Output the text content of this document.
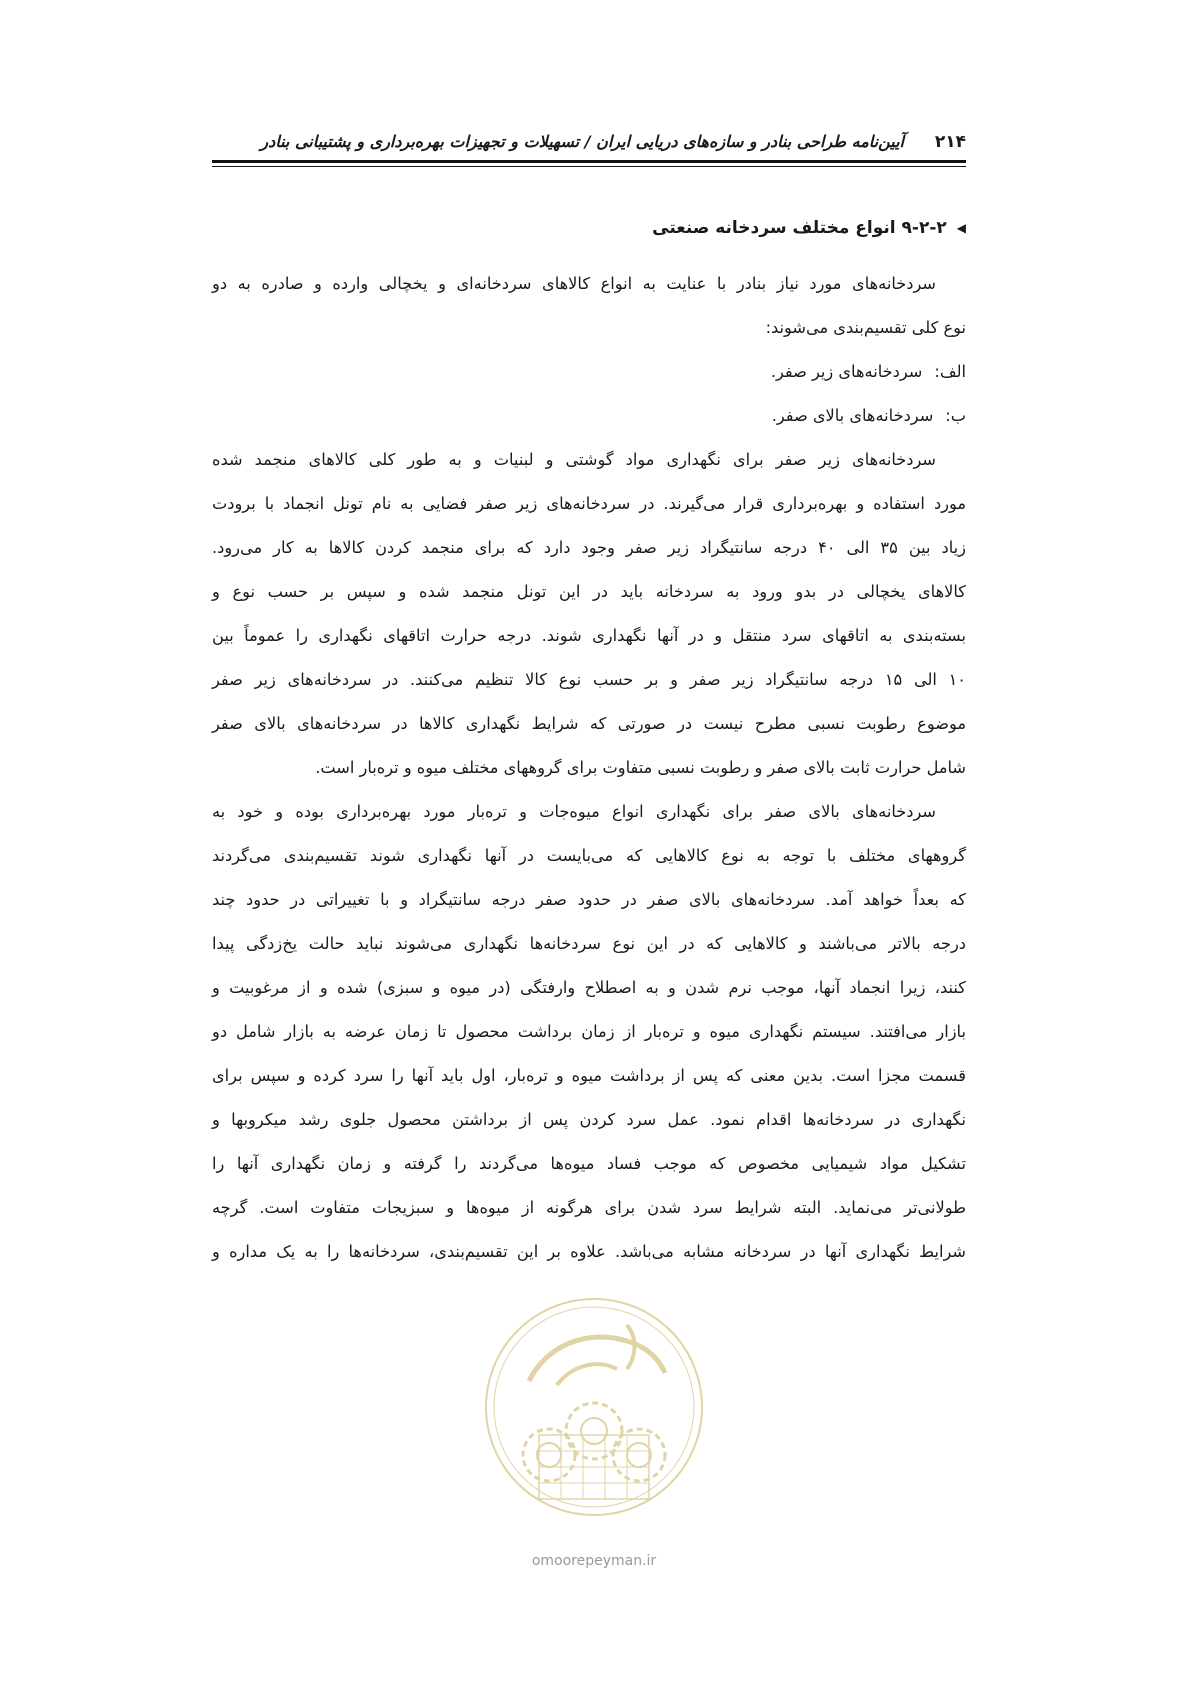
۲۱۴
آیین‌نامه طراحی بنادر و سازه‌های دریایی ایران / تسهیلات و تجهیزات بهره‌برداری و پشتیبانی بنادر
◀۹-۲-۲ انواع مختلف سردخانه صنعتی
سردخانه‌های مورد نیاز بنادر با عنایت به انواع کالاهای سردخانه‌ای و یخچالی وارده و صادره به دو
نوع کلی تقسیم‌بندی می‌شوند:
الف:سردخانه‌های زیر صفر.
ب:سردخانه‌های بالای صفر.
سردخانه‌های زیر صفر برای نگهداری مواد گوشتی و لبنیات و به طور کلی کالاهای منجمد شده
مورد استفاده و بهره‌برداری قرار می‌گیرند. در سردخانه‌های زیر صفر فضایی به نام تونل انجماد با برودت
زیاد بین ۳۵ الی ۴۰ درجه سانتیگراد زیر صفر وجود دارد که برای منجمد کردن کالاها به کار می‌رود.
کالاهای یخچالی در بدو ورود به سردخانه باید در این تونل منجمد شده و سپس بر حسب نوع و
بسته‌بندی به اتاقهای سرد منتقل و در آنها نگهداری شوند. درجه حرارت اتاقهای نگهداری را عموماً بین
۱۰ الی ۱۵ درجه سانتیگراد زیر صفر و بر حسب نوع کالا تنظیم می‌کنند. در سردخانه‌های زیر صفر
موضوع رطوبت نسبی مطرح نیست در صورتی که شرایط نگهداری کالاها در سردخانه‌های بالای صفر
شامل حرارت ثابت بالای صفر و رطوبت نسبی متفاوت برای گروههای مختلف میوه و تره‌بار است.
سردخانه‌های بالای صفر برای نگهداری انواع میوه‌جات و تره‌بار مورد بهره‌برداری بوده و خود به
گروههای مختلف با توجه به نوع کالاهایی که می‌بایست در آنها نگهداری شوند تقسیم‌بندی می‌گردند
که بعداً خواهد آمد. سردخانه‌های بالای صفر در حدود صفر درجه سانتیگراد و با تغییراتی در حدود چند
درجه بالاتر می‌باشند و کالاهایی که در این نوع سردخانه‌ها نگهداری می‌شوند نباید حالت یخ‌زدگی پیدا
کنند، زیرا انجماد آنها، موجب نرم شدن و به اصطلاح وارفتگی (در میوه و سبزی) شده و از مرغوبیت و
بازار می‌افتند. سیستم نگهداری میوه و تره‌بار از زمان برداشت محصول تا زمان عرضه به بازار شامل دو
قسمت مجزا است. بدین معنی که پس از برداشت میوه و تره‌بار، اول باید آنها را سرد کرده و سپس برای
نگهداری در سردخانه‌ها اقدام نمود. عمل سرد کردن پس از برداشتن محصول جلوی رشد میکروبها و
تشکیل مواد شیمیایی مخصوص که موجب فساد میوه‌ها می‌گردند را گرفته و زمان نگهداری آنها را
طولانی‌تر می‌نماید. البته شرایط سرد شدن برای هرگونه از میوه‌ها و سبزیجات متفاوت است. گرچه
شرایط نگهداری آنها در سردخانه مشابه می‌باشد. علاوه بر این تقسیم‌بندی، سردخانه‌ها را به یک مداره و
omoorepeyman.ir
